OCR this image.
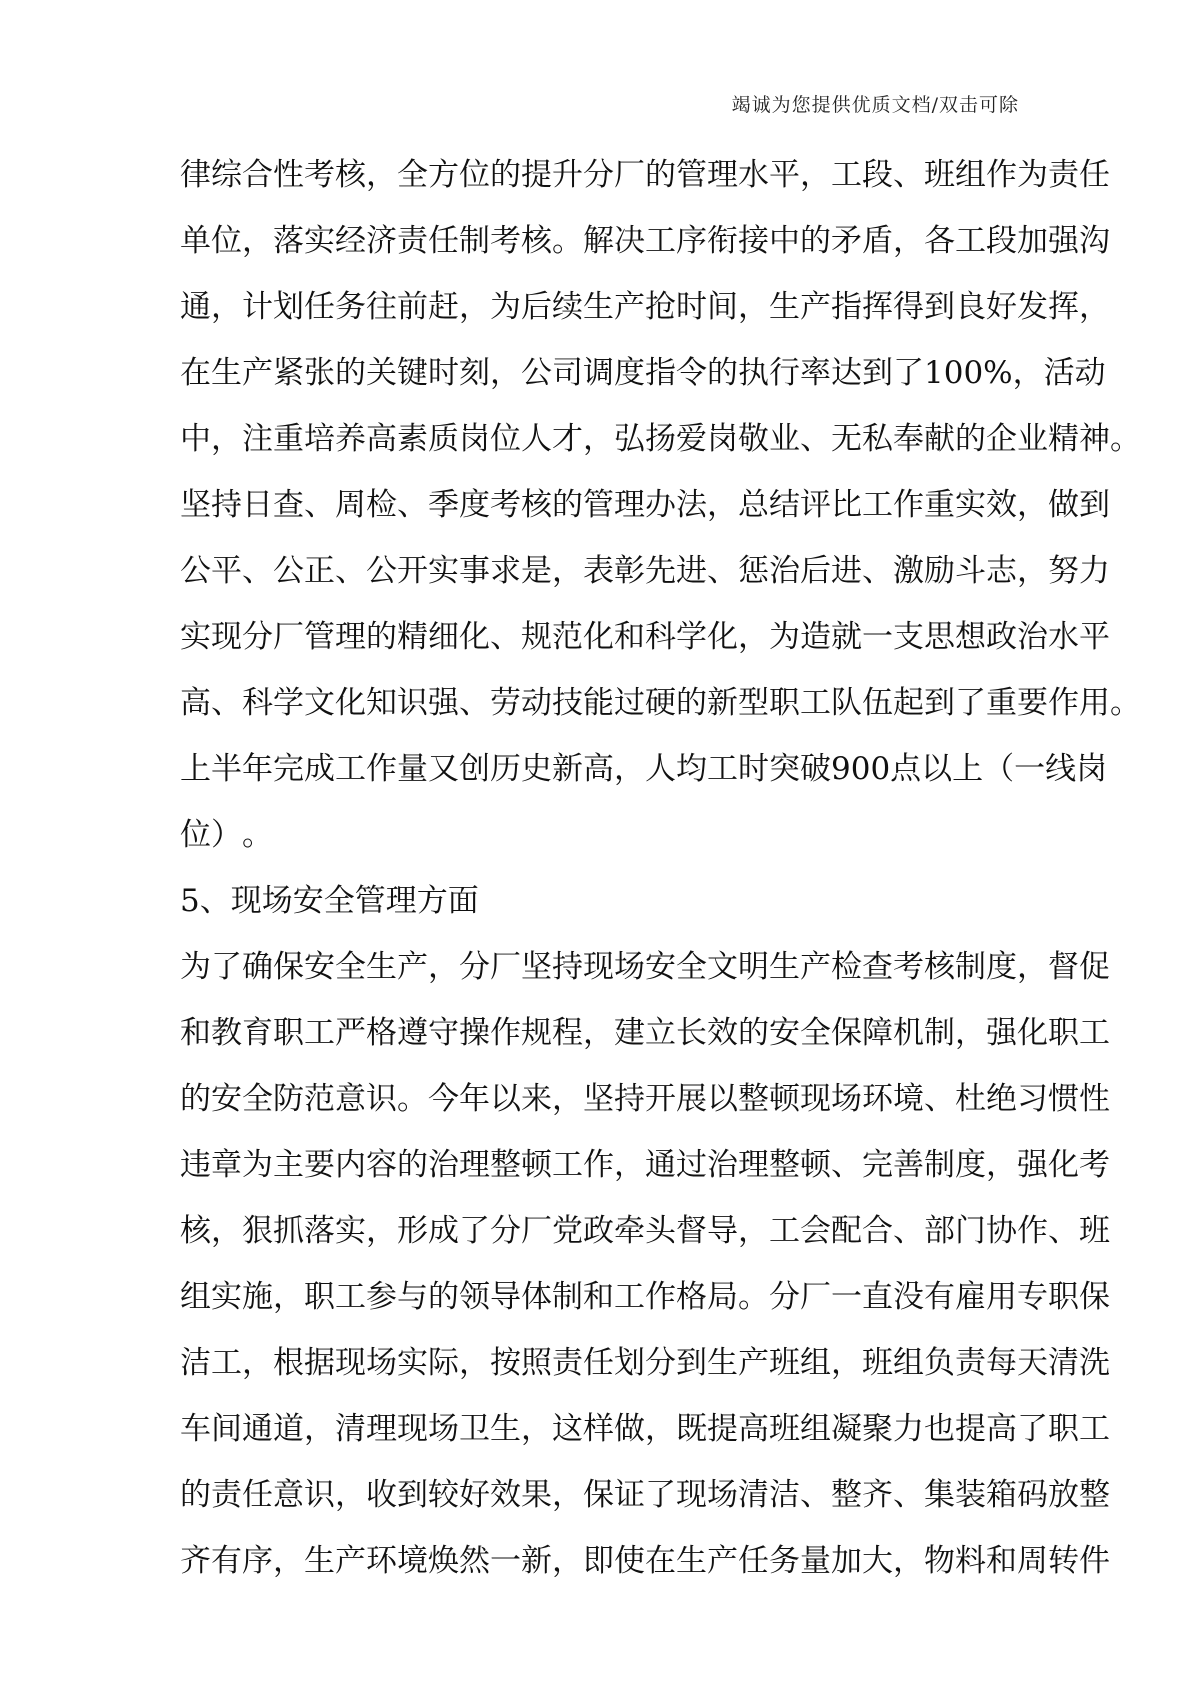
竭诚为您提供优质文档/双击可除
律 综 合 性 考 核 ， 全 方 位 的 提 升 分 厂 的 管 理 水 平 ， 工 段 、 班 组 作 为 责 任
单 位 ， 落 实 经 济 责 任 制 考 核 。 解 决 工 序 衔 接 中 的 矛 盾 ， 各 工 段 加 强 沟
通 ， 计 划 任 务 往 前 赶 ， 为 后 续 生 产 抢 时 间 ， 生 产 指 挥 得 到 良 好 发 挥 ，
在 生 产 紧 张 的 关 键 时 刻 ， 公 司 调 度 指 令 的 执 行 率 达 到 了 100% ， 活 动
中 ， 注 重 培 养 高 素 质 岗 位 人 才 ， 弘 扬 爱 岗 敬 业 、 无 私 奉 献 的 企 业 精 神 。
坚 持 日 查 、 周 检 、 季 度 考 核 的 管 理 办 法 ， 总 结 评 比 工 作 重 实 效 ， 做 到
公 平 、 公 正 、 公 开 实 事 求 是 ， 表 彰 先 进 、 惩 治 后 进 、 激 励 斗 志 ， 努 力
实 现 分 厂 管 理 的 精 细 化 、 规 范 化 和 科 学 化 ， 为 造 就 一 支 思 想 政 治 水 平
高 、 科 学 文 化 知 识 强 、 劳 动 技 能 过 硬 的 新 型 职 工 队 伍 起 到 了 重 要 作 用 。
上 半 年 完 成 工 作 量 又 创 历 史 新 高 ， 人 均 工 时 突 破 900 点 以 上 （ 一 线 岗
位 ） 。
5 、 现 场 安 全 管 理 方 面
为 了 确 保 安 全 生 产 ， 分 厂 坚 持 现 场 安 全 文 明 生 产 检 查 考 核 制 度 ， 督 促
和 教 育 职 工 严 格 遵 守 操 作 规 程 ， 建 立 长 效 的 安 全 保 障 机 制 ， 强 化 职 工
的 安 全 防 范 意 识 。 今 年 以 来 ， 坚 持 开 展 以 整 顿 现 场 环 境 、 杜 绝 习 惯 性
违 章 为 主 要 内 容 的 治 理 整 顿 工 作 ， 通 过 治 理 整 顿 、 完 善 制 度 ， 强 化 考
核 ， 狠 抓 落 实 ， 形 成 了 分 厂 党 政 牵 头 督 导 ， 工 会 配 合 、 部 门 协 作 、 班
组 实 施 ， 职 工 参 与 的 领 导 体 制 和 工 作 格 局 。 分 厂 一 直 没 有 雇 用 专 职 保
洁 工 ， 根 据 现 场 实 际 ， 按 照 责 任 划 分 到 生 产 班 组 ， 班 组 负 责 每 天 清 洗
车 间 通 道 ， 清 理 现 场 卫 生 ， 这 样 做 ， 既 提 高 班 组 凝 聚 力 也 提 高 了 职 工
的 责 任 意 识 ， 收 到 较 好 效 果 ， 保 证 了 现 场 清 洁 、 整 齐 、 集 装 箱 码 放 整
齐 有 序 ， 生 产 环 境 焕 然 一 新 ， 即 使 在 生 产 任 务 量 加 大 ， 物 料 和 周 转 件
